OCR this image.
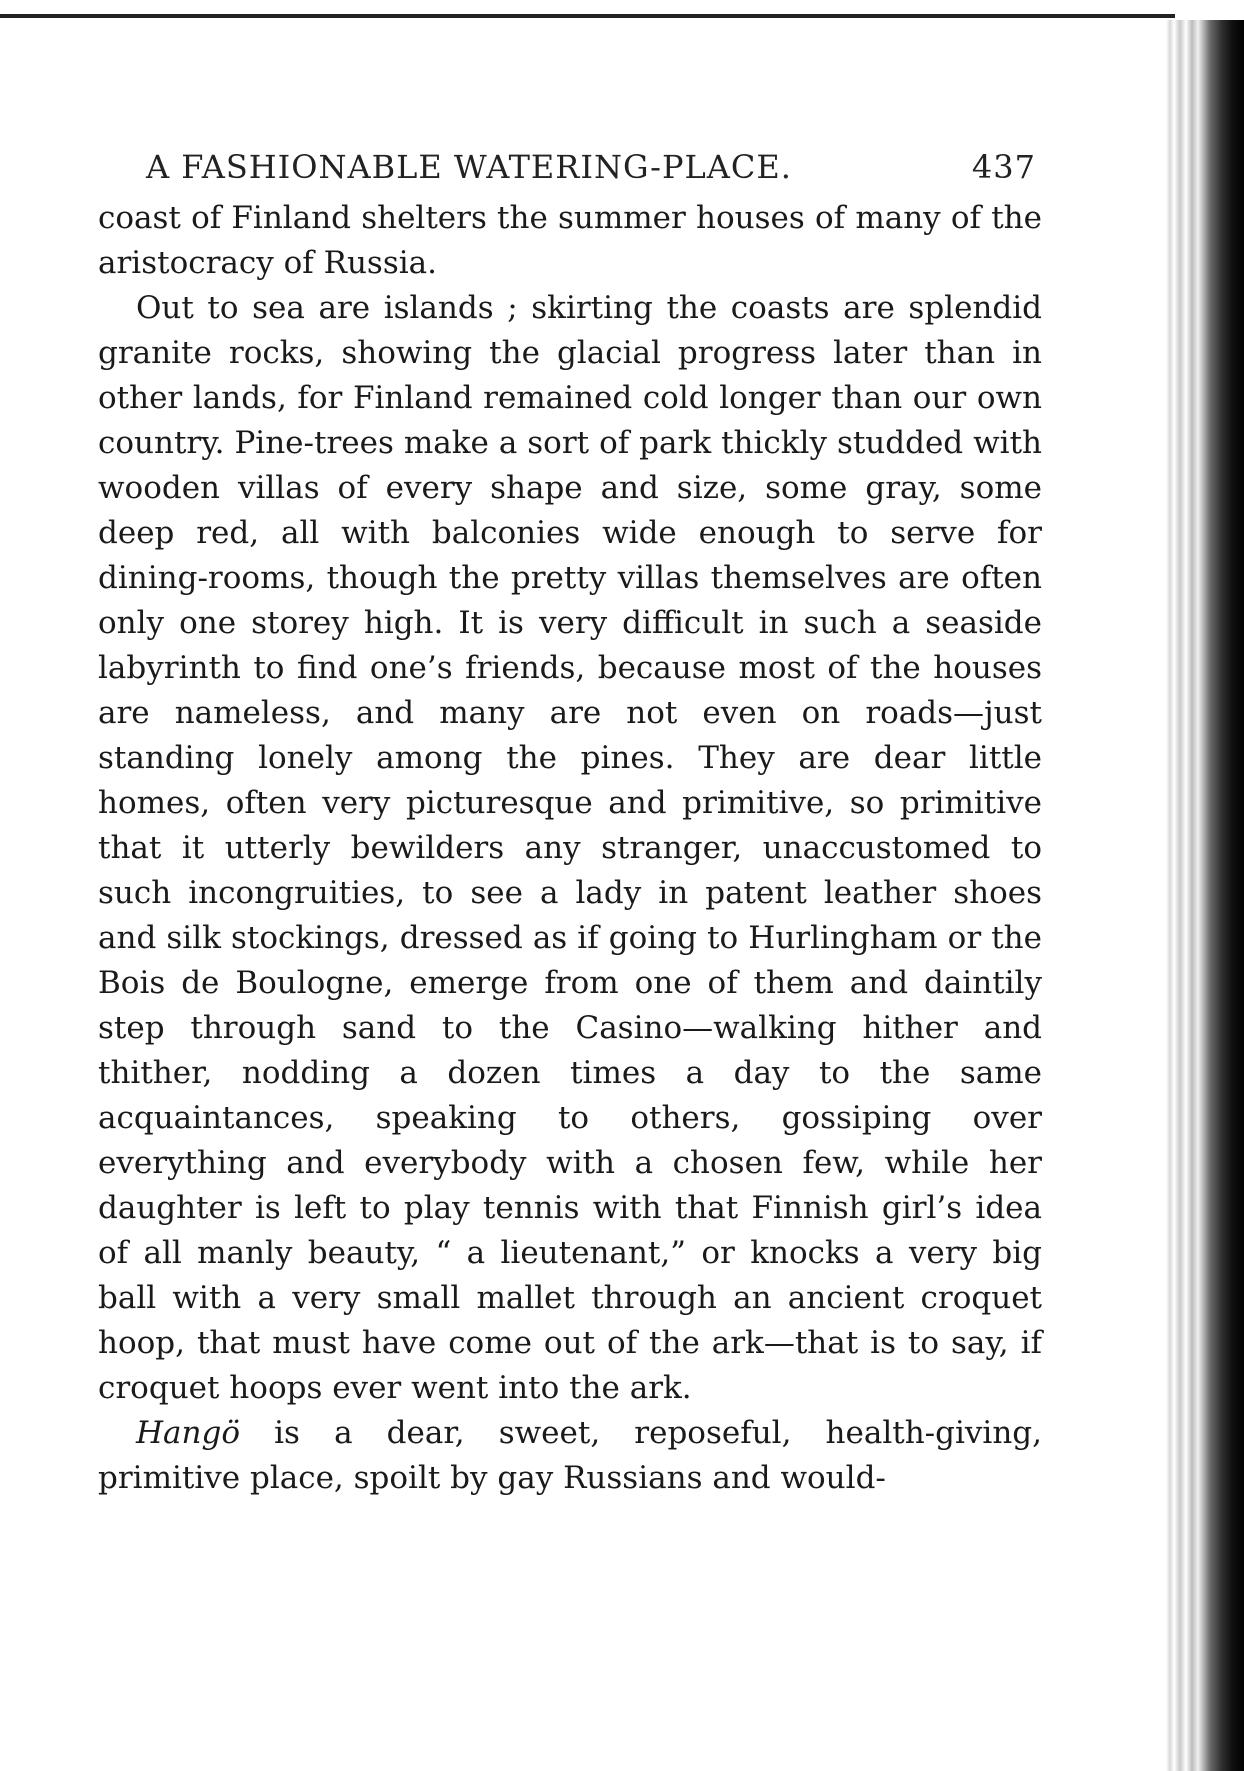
A FASHIONABLE WATERING-PLACE.	437

coast of Finland shelters the summer houses of many of the aristocracy of Russia.

Out to sea are islands ; skirting the coasts are splendid granite rocks, showing the glacial progress later than in other lands, for Finland remained cold longer than our own country. Pine-trees make a sort of park thickly studded with wooden villas of every shape and size, some gray, some deep red, all with balconies wide enough to serve for dining-rooms, though the pretty villas themselves are often only one storey high. It is very difficult in such a seaside labyrinth to find one’s friends, because most of the houses are nameless, and many are not even on roads—just standing lonely among the pines. They are dear little homes, often very picturesque and primitive, so primitive that it utterly bewilders any stranger, unaccustomed to such incongruities, to see a lady in patent leather shoes and silk stockings, dressed as if going to Hurlingham or the Bois de Boulogne, emerge from one of them and daintily step through sand to the Casino—walking hither and thither, nodding a dozen times a day to the same acquaintances, speaking to others, gossiping over everything and everybody with a chosen few, while her daughter is left to play tennis with that Finnish girl’s idea of all manly beauty, “ a lieutenant,” or knocks a very big ball with a very small mallet through an ancient croquet hoop, that must have come out of the ark—that is to say, if croquet hoops ever went into the ark.

Hangö is a dear, sweet, reposeful, health-giving, primitive place, spoilt by gay Russians and would-
